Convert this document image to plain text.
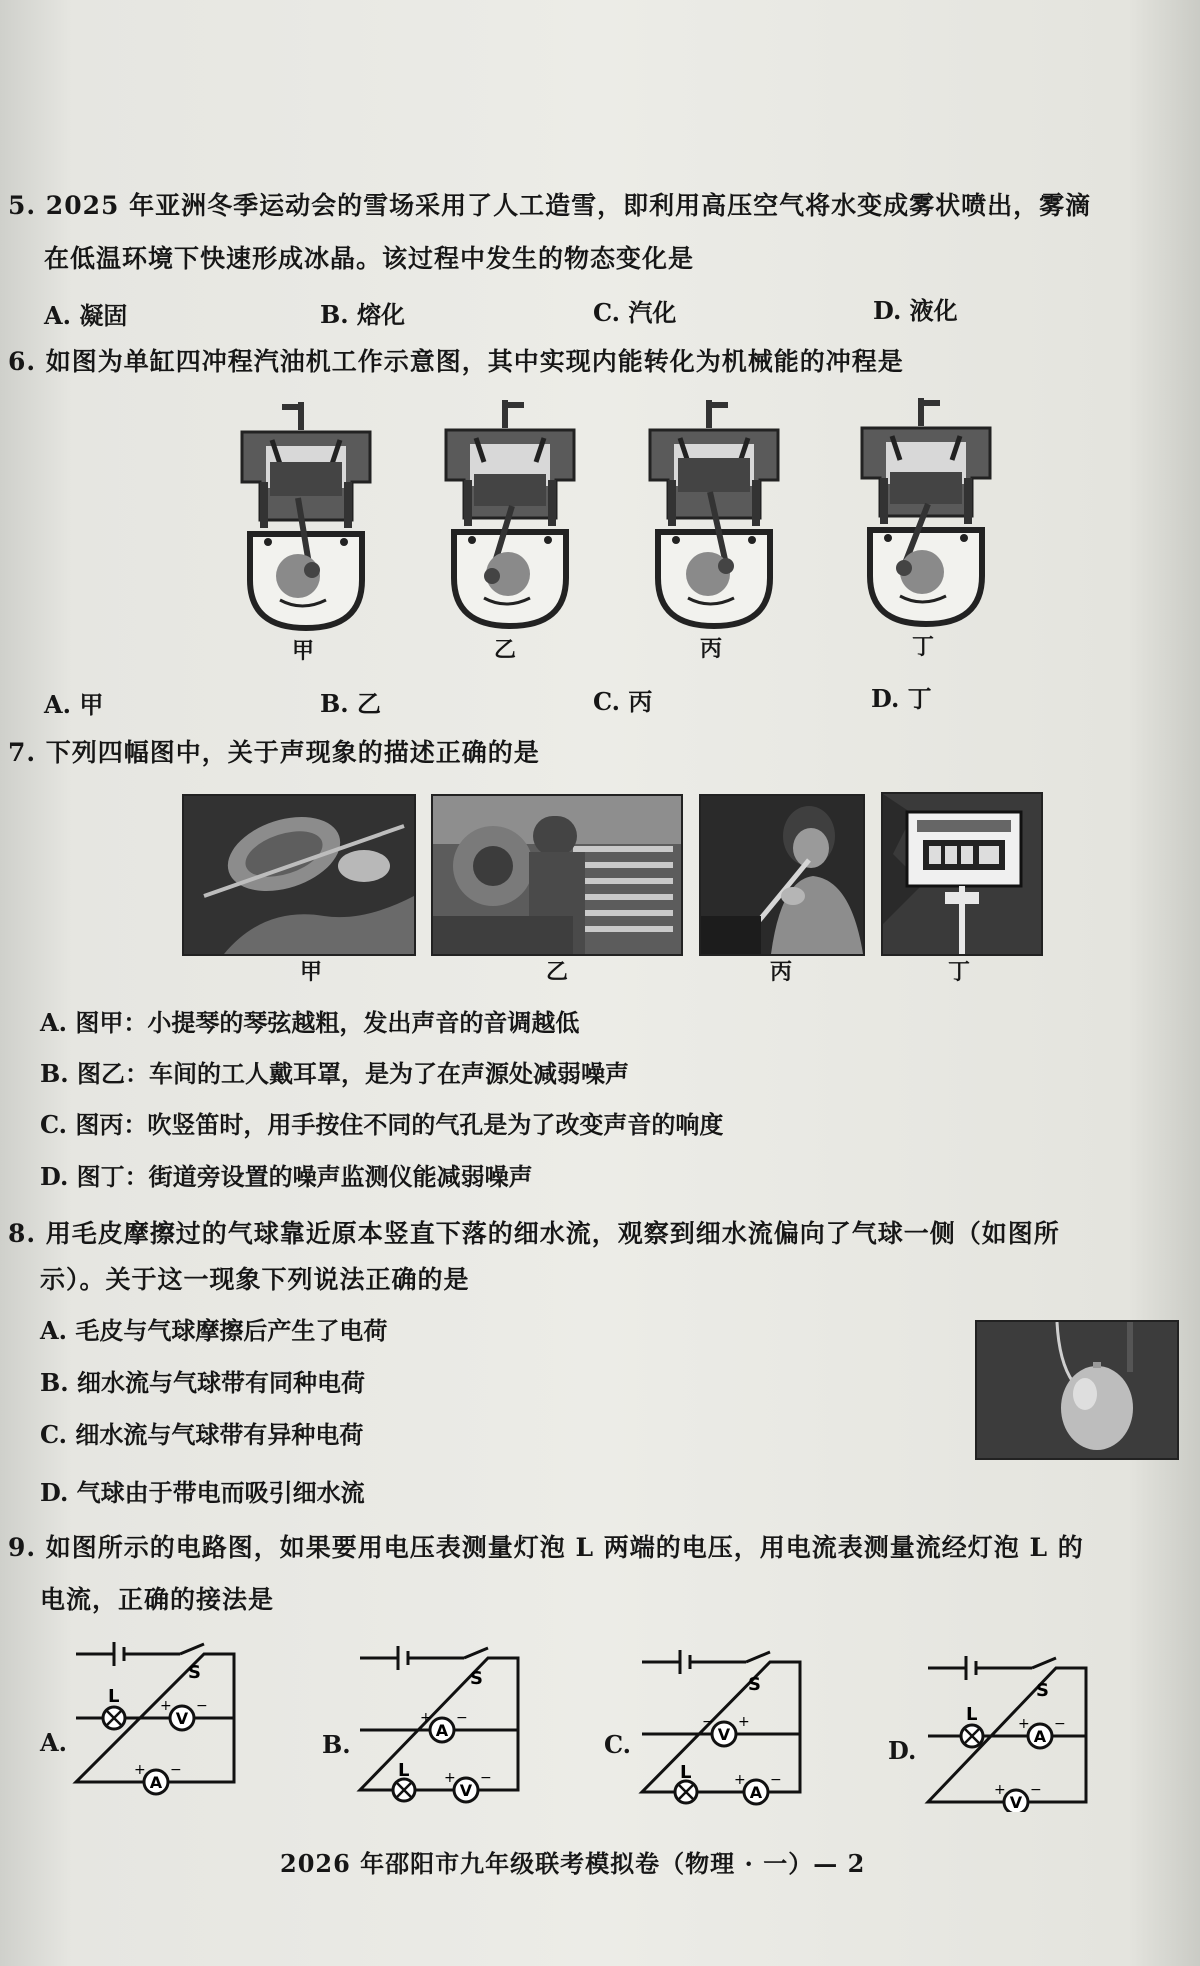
5. 2025 年亚洲冬季运动会的雪场采用了人工造雪，即利用高压空气将水变成雾状喷出，雾滴
在低温环境下快速形成冰晶。该过程中发生的物态变化是
A. 凝固	B. 熔化	C. 汽化	D. 液化
6. 如图为单缸四冲程汽油机工作示意图，其中实现内能转化为机械能的冲程是
甲	乙	丙	丁
A. 甲	B. 乙	C. 丙	D. 丁
7. 下列四幅图中，关于声现象的描述正确的是
甲	乙	丙	丁
A. 图甲：小提琴的琴弦越粗，发出声音的音调越低
B. 图乙：车间的工人戴耳罩，是为了在声源处减弱噪声
C. 图丙：吹竖笛时，用手按住不同的气孔是为了改变声音的响度
D. 图丁：街道旁设置的噪声监测仪能减弱噪声
8. 用毛皮摩擦过的气球靠近原本竖直下落的细水流，观察到细水流偏向了气球一侧（如图所
示）。关于这一现象下列说法正确的是
A. 毛皮与气球摩擦后产生了电荷
B. 细水流与气球带有同种电荷
C. 细水流与气球带有异种电荷
D. 气球由于带电而吸引细水流
9. 如图所示的电路图，如果要用电压表测量灯泡 L 两端的电压，用电流表测量流经灯泡 L 的
电流，正确的接法是
A.
V
A
L
S
+ −
+ −
B.	A
V
L
S
+ −
+ −
C.	V
A
L
S
− +
+ −
D.	A
V
L
S
+ −
+ −
2026 年邵阳市九年级联考模拟卷（物理 · 一）— 2
